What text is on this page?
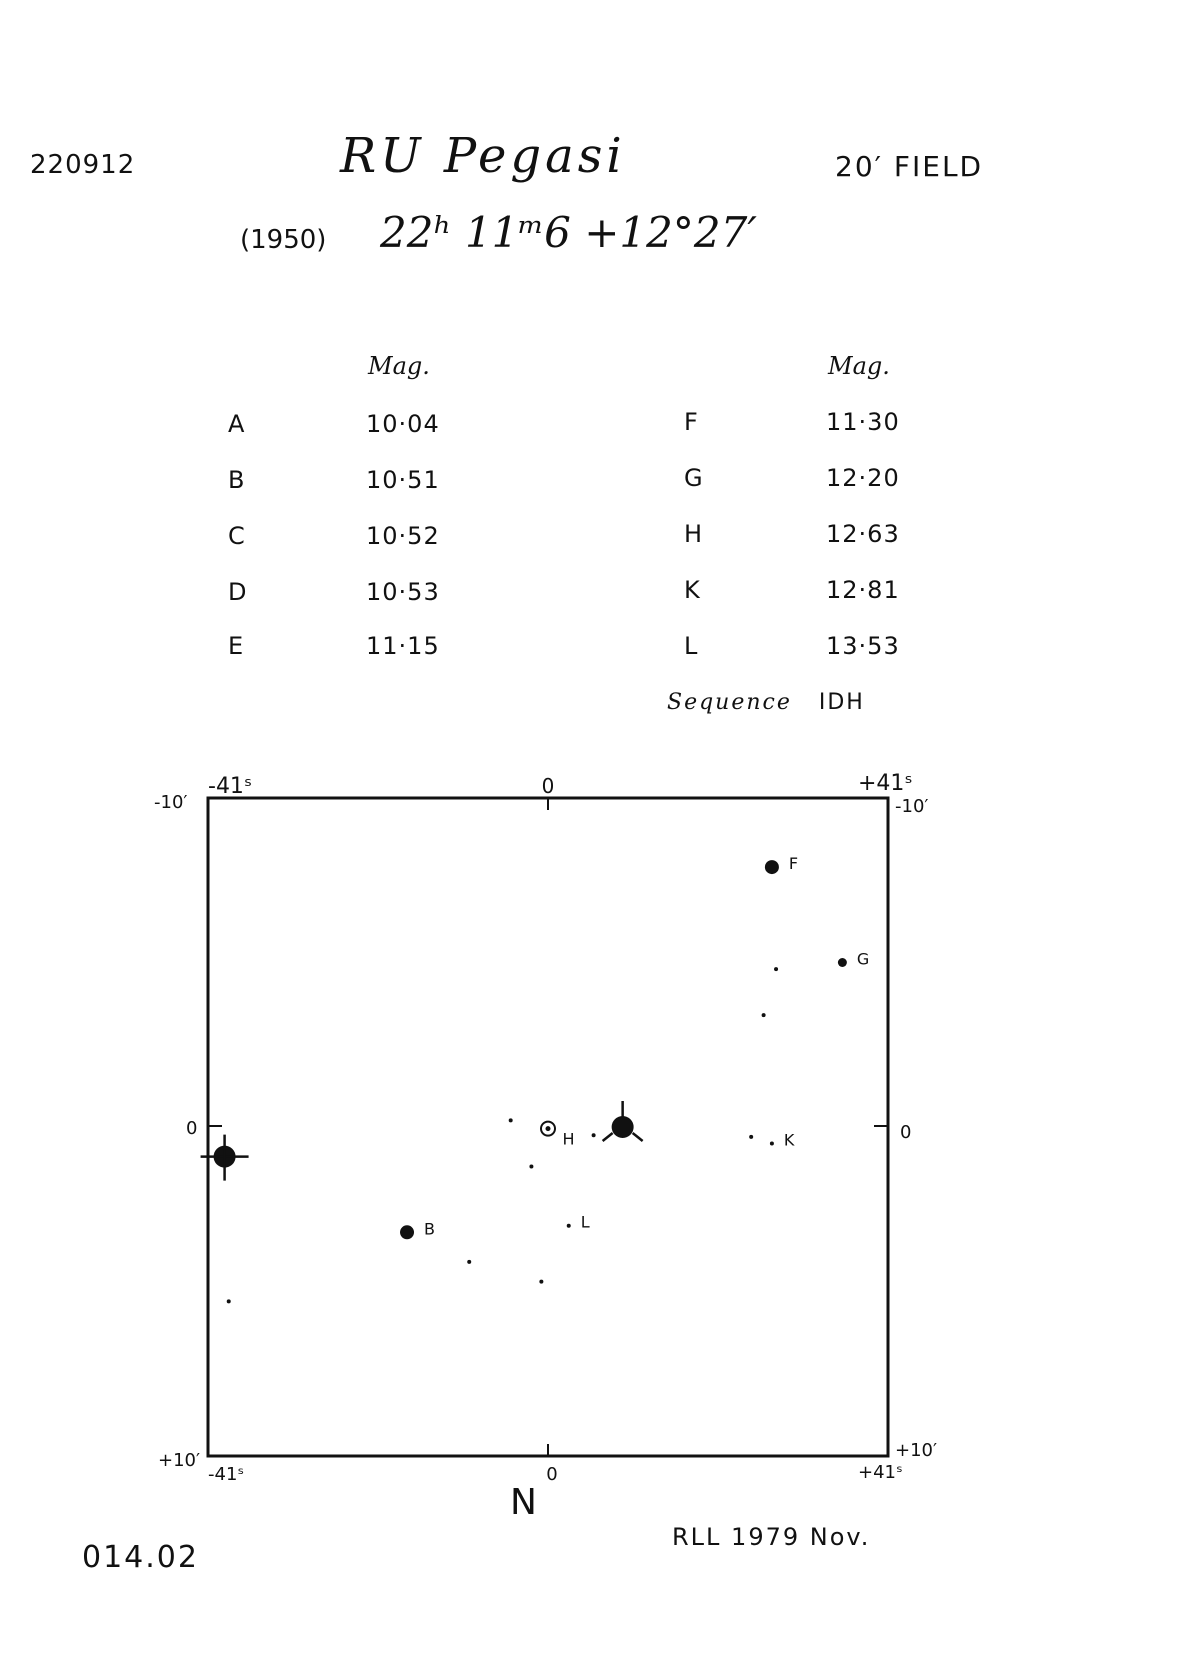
220912	RU Pegasi	20′ FIELD
(1950) 22ʰ 11ᵐ6 +12°27′
Mag.	Mag.
A	10·04
B	10·51
C	10·52
D	10·53
E	11·15
F	11·30
G	12·20
H	12·63
K	12·81
L	13·53
Sequence IDH
-41ˢ	0	+41ˢ
-10′	-10′
0	0
+10′
-41ˢ	0
+10′
+41ˢ
B
F
G
H	K
L
N
014.02
RLL 1979 Nov.
